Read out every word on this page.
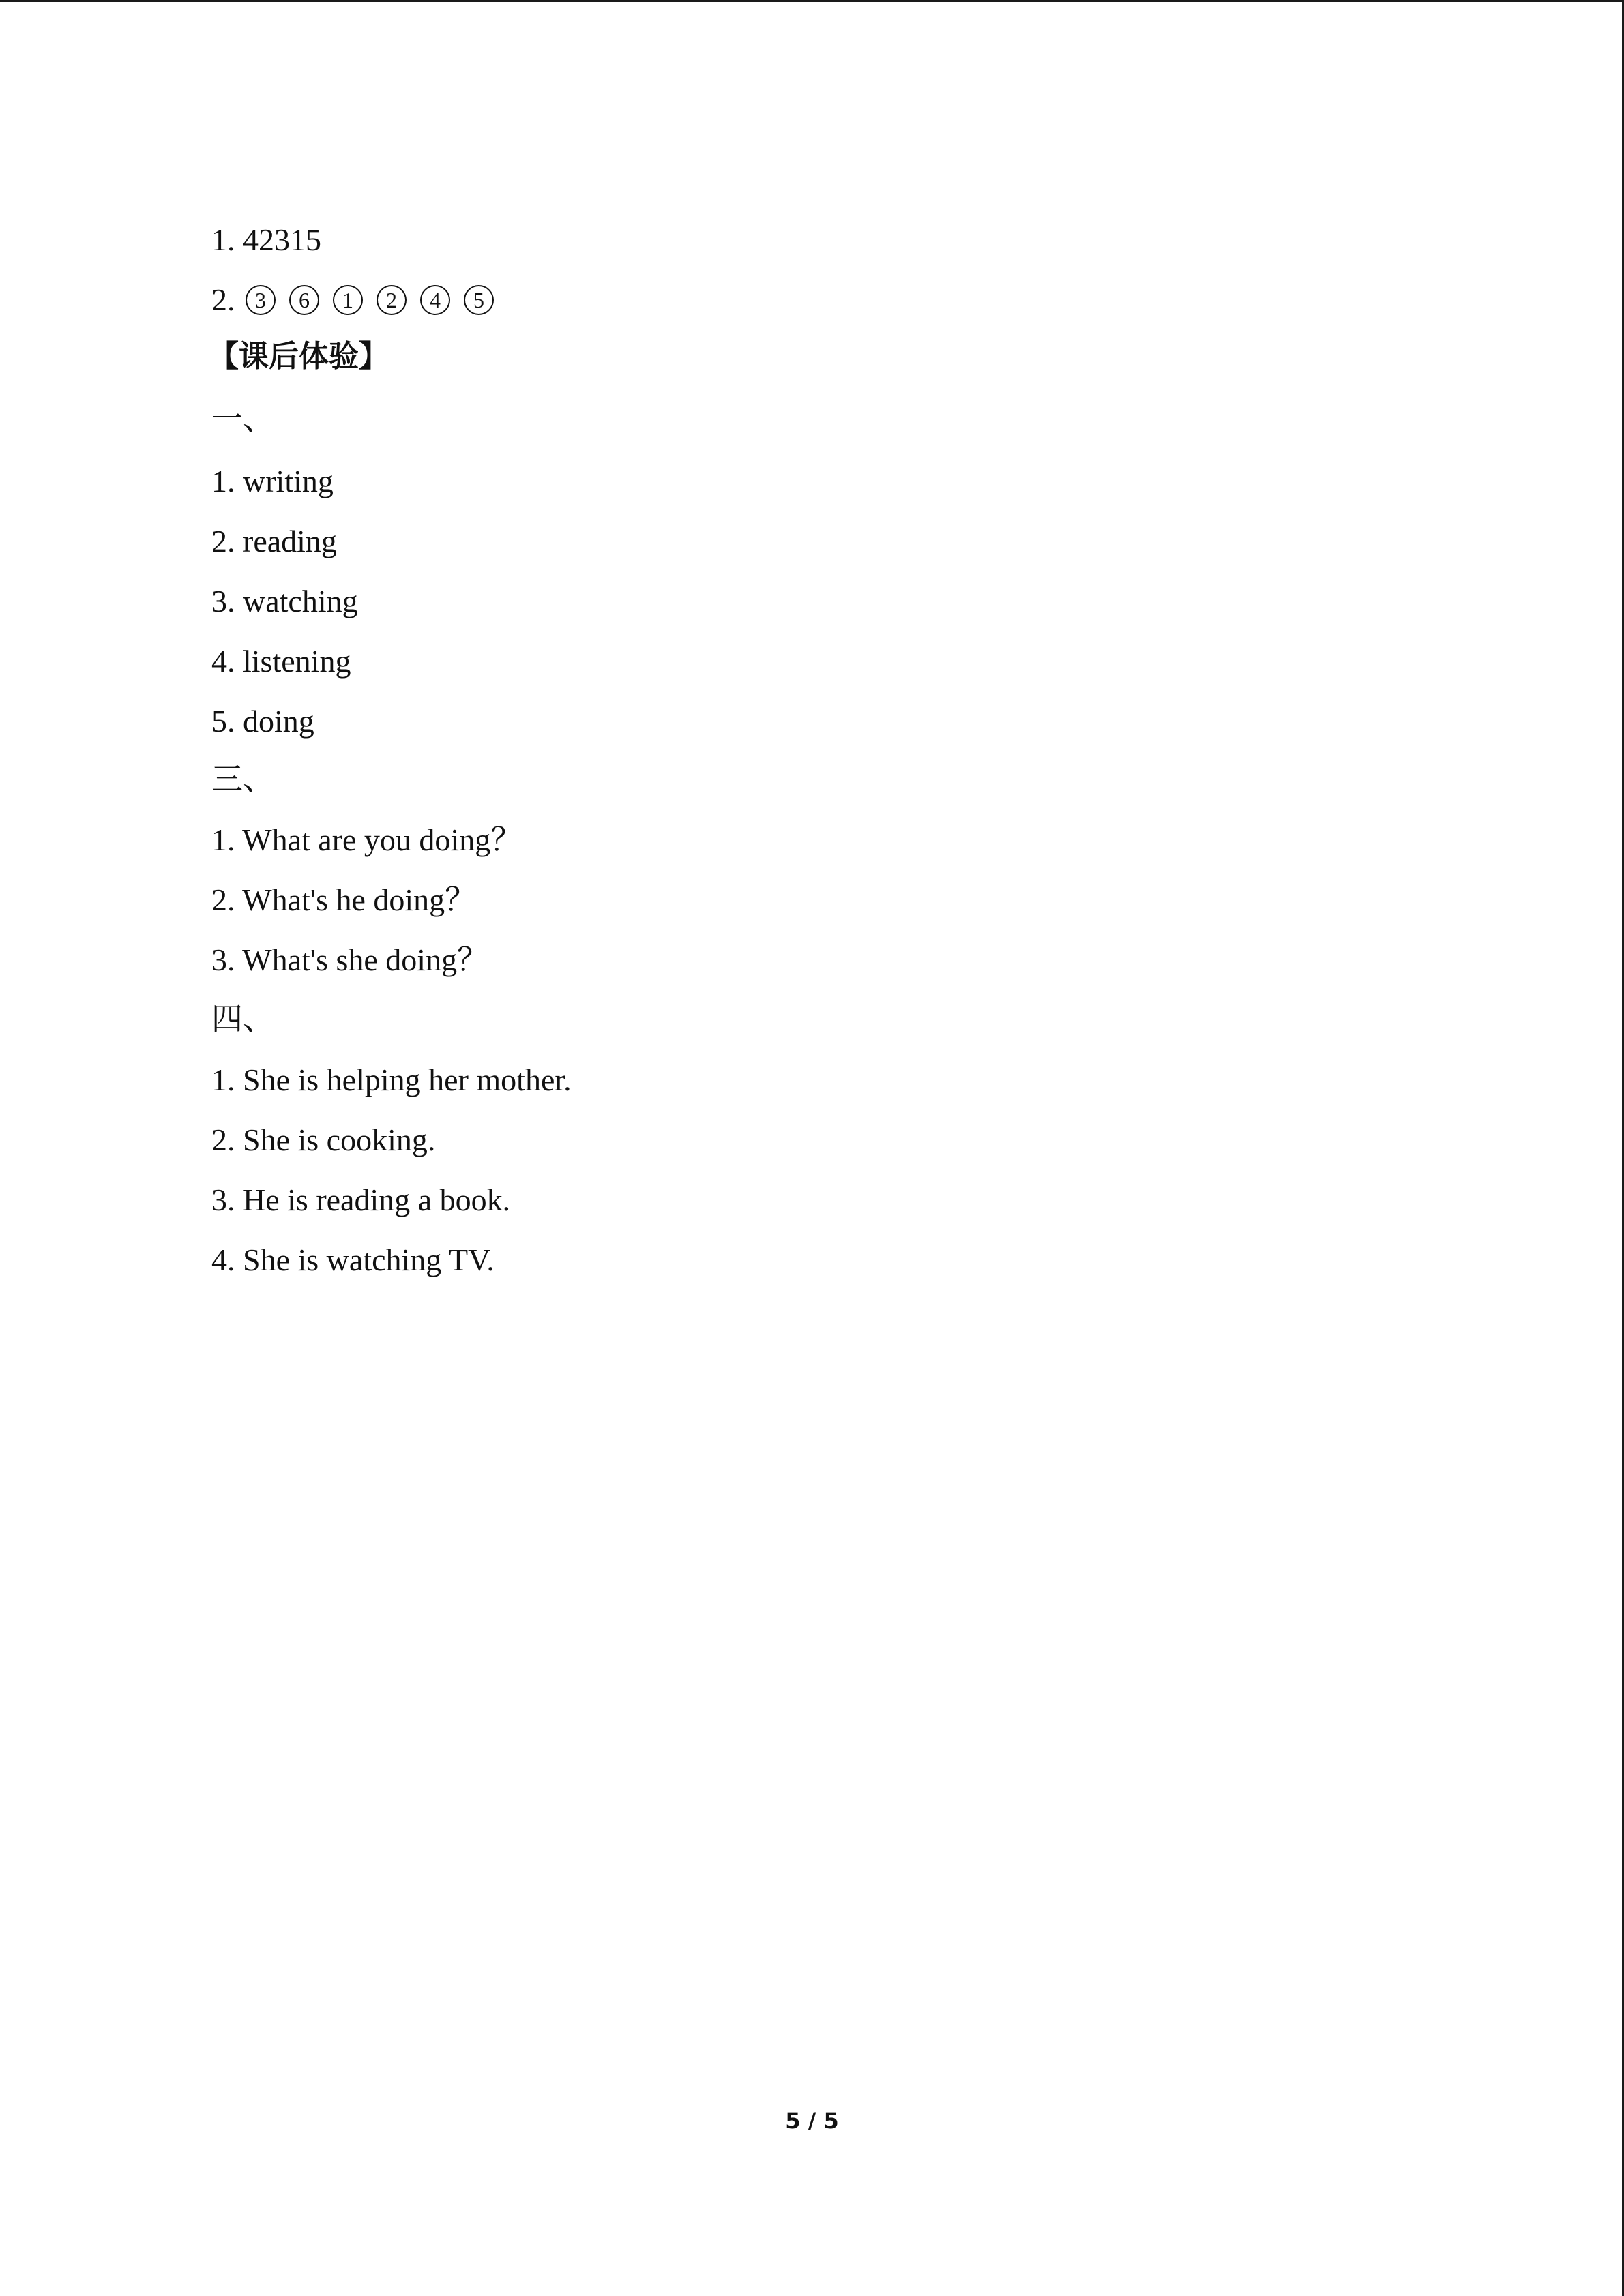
1. 42315
2. 3 6 1 2 4 5
【课后体验】
一、
1. writing
2. reading
3. watching
4. listening
5. doing
三、
1. What are you doing？
2. What's he doing？
3. What's she doing？
四、
1. She is helping her mother.
2. She is cooking.
3. He is reading a book.
4. She is watching TV.
5 / 5
